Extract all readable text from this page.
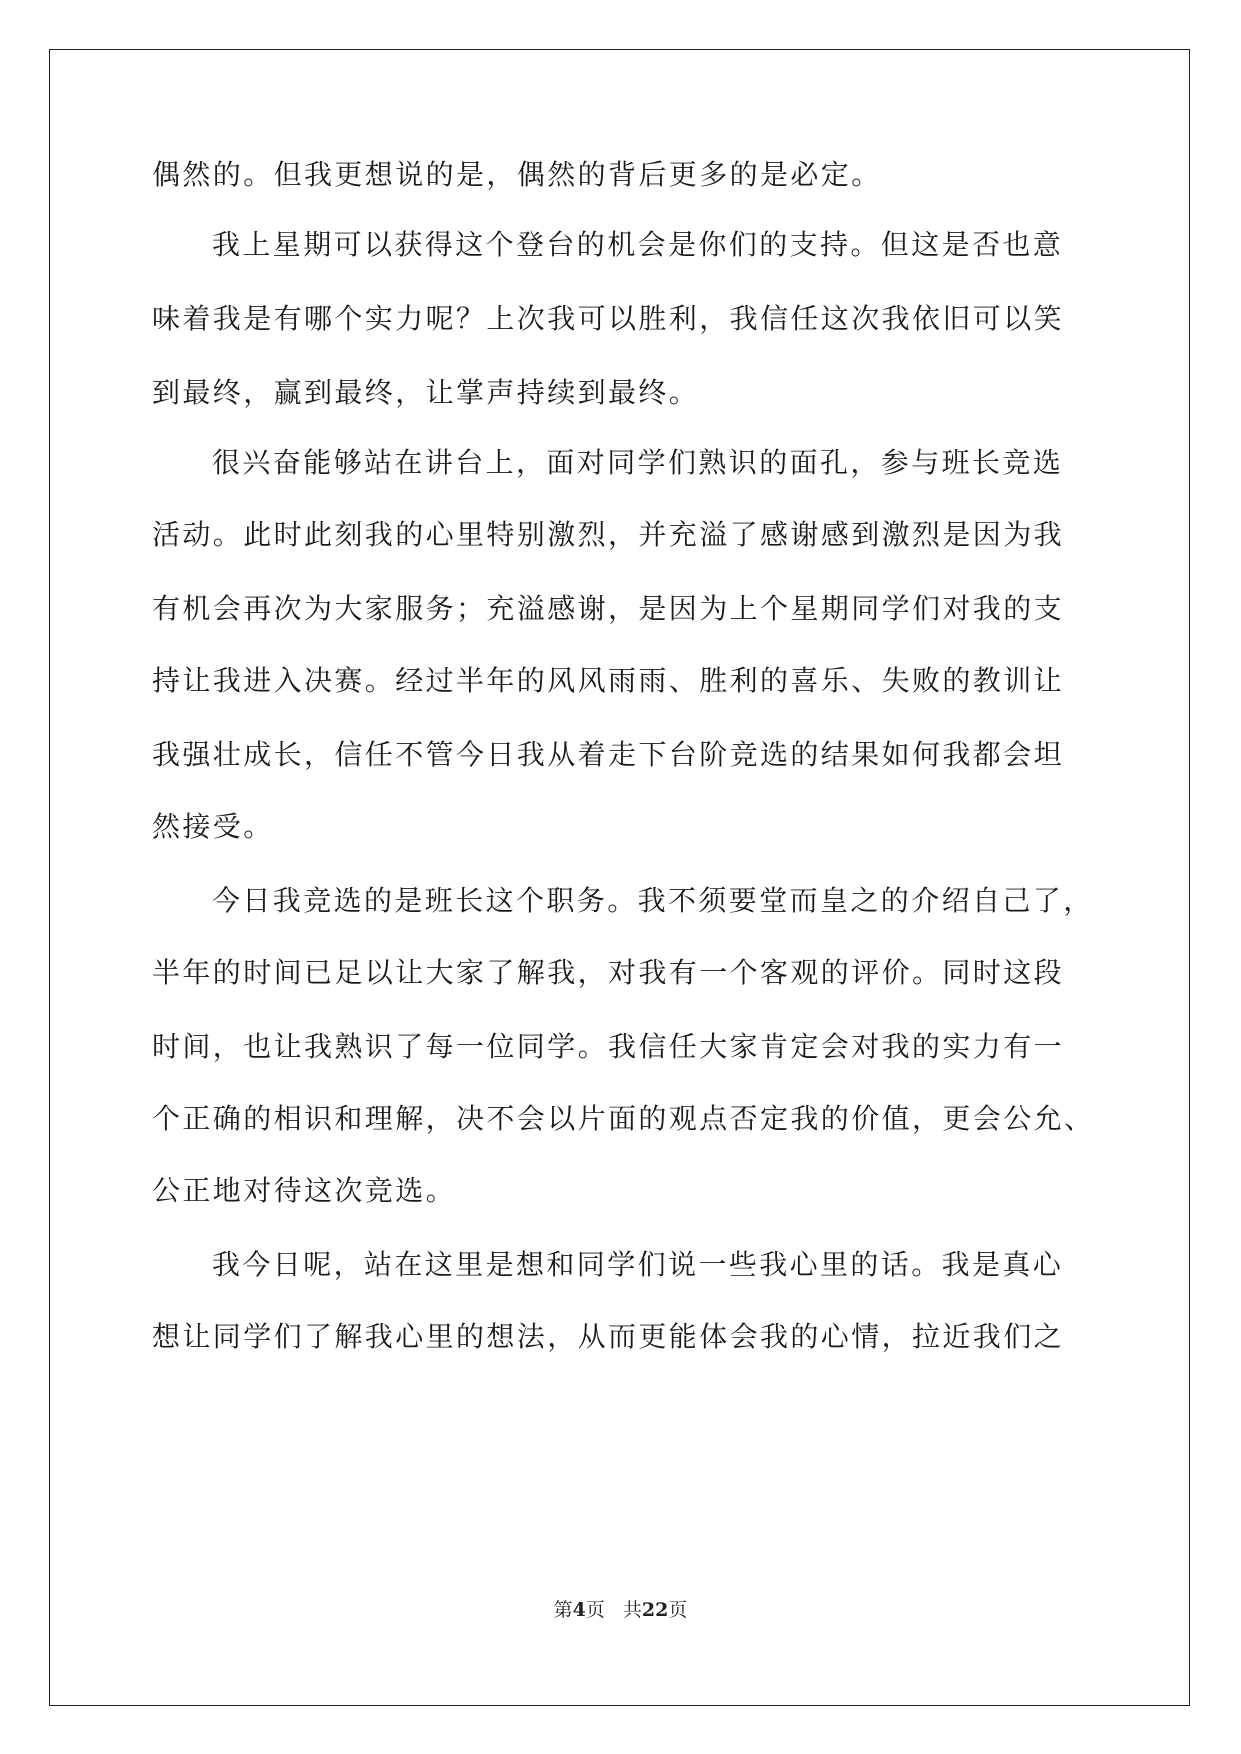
偶然的。但我更想说的是，偶然的背后更多的是必定。
我上星期可以获得这个登台的机会是你们的支持。但这是否也意
味着我是有哪个实力呢？上次我可以胜利，我信任这次我依旧可以笑
到最终，赢到最终，让掌声持续到最终。
很兴奋能够站在讲台上，面对同学们熟识的面孔，参与班长竞选
活动。此时此刻我的心里特别激烈，并充溢了感谢感到激烈是因为我
有机会再次为大家服务；充溢感谢，是因为上个星期同学们对我的支
持让我进入决赛。经过半年的风风雨雨、胜利的喜乐、失败的教训让
我强壮成长，信任不管今日我从着走下台阶竞选的结果如何我都会坦
然接受。
今日我竞选的是班长这个职务。我不须要堂而皇之的介绍自己了，
半年的时间已足以让大家了解我，对我有一个客观的评价。同时这段
时间，也让我熟识了每一位同学。我信任大家肯定会对我的实力有一
个正确的相识和理解，决不会以片面的观点否定我的价值，更会公允、
公正地对待这次竞选。
我今日呢，站在这里是想和同学们说一些我心里的话。我是真心
想让同学们了解我心里的想法，从而更能体会我的心情，拉近我们之
第4页 共22页
